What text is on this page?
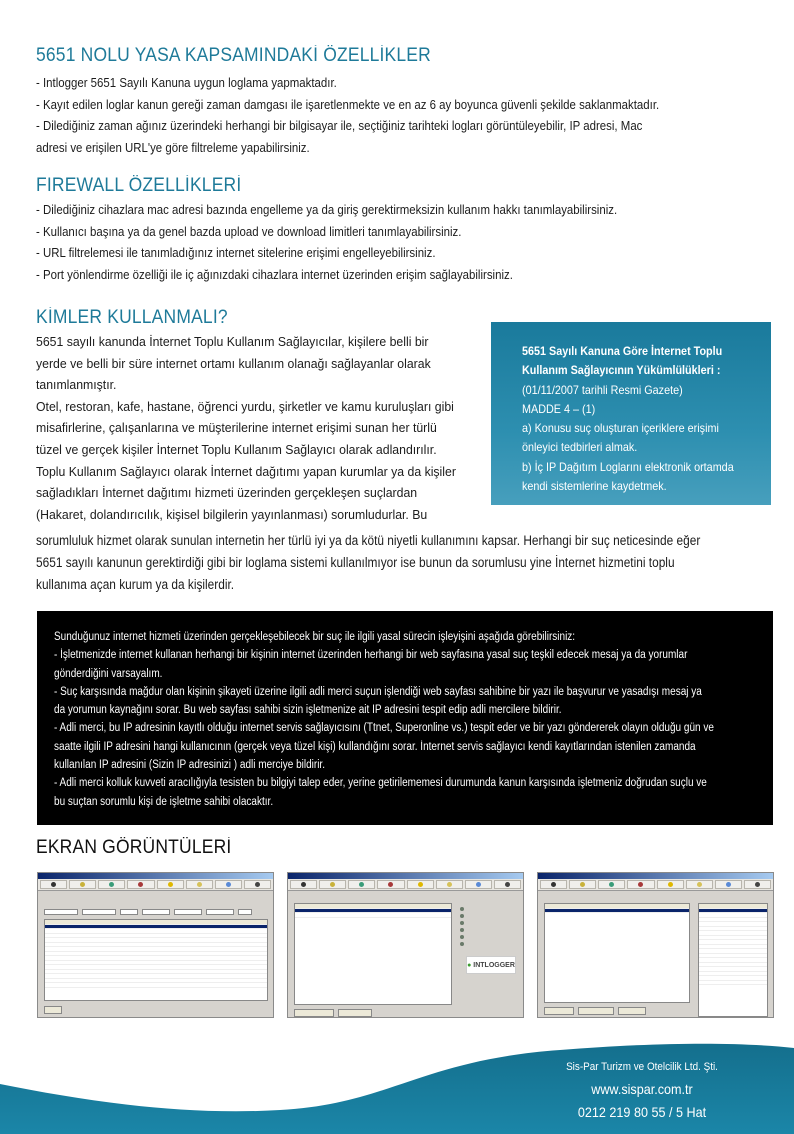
5651 NOLU YASA KAPSAMINDAKİ ÖZELLİKLER
- Intlogger 5651 Sayılı Kanuna uygun loglama yapmaktadır.
- Kayıt edilen loglar kanun gereği zaman damgası ile işaretlenmekte ve en az 6 ay boyunca güvenli şekilde saklanmaktadır.
- Dilediğiniz zaman ağınız üzerindeki herhangi bir bilgisayar ile, seçtiğiniz tarihteki logları görüntüleyebilir, IP adresi, Mac
adresi ve erişilen URL'ye göre filtreleme yapabilirsiniz.
FIREWALL ÖZELLİKLERİ
- Dilediğiniz cihazlara mac adresi bazında engelleme ya da giriş gerektirmeksizin kullanım hakkı tanımlayabilirsiniz.
- Kullanıcı başına ya da genel bazda upload ve download limitleri tanımlayabilirsiniz.
- URL filtrelemesi ile tanımladığınız internet sitelerine erişimi engelleyebilirsiniz.
- Port yönlendirme özelliği ile iç ağınızdaki cihazlara internet üzerinden erişim sağlayabilirsiniz.
KİMLER KULLANMALI?
5651 sayılı kanunda İnternet Toplu Kullanım Sağlayıcılar, kişilere belli bir
yerde ve belli bir süre internet ortamı kullanım olanağı sağlayanlar olarak
tanımlanmıştır.
Otel, restoran, kafe, hastane, öğrenci yurdu, şirketler ve kamu kuruluşları gibi
misafirlerine, çalışanlarına ve müşterilerine internet erişimi sunan her türlü
tüzel ve gerçek kişiler İnternet Toplu Kullanım Sağlayıcı olarak adlandırılır.
Toplu Kullanım Sağlayıcı olarak İnternet dağıtımı yapan kurumlar ya da kişiler
sağladıkları İnternet dağıtımı hizmeti üzerinden gerçekleşen suçlardan
(Hakaret, dolandırıcılık, kişisel bilgilerin yayınlanması) sorumludurlar. Bu
5651 Sayılı Kanuna Göre İnternet Toplu
Kullanım Sağlayıcının Yükümlülükleri :
(01/11/2007 tarihli Resmi Gazete)
MADDE 4 – (1)
a) Konusu suç oluşturan içeriklere erişimi
önleyici tedbirleri almak.
b) İç IP Dağıtım Loglarını elektronik ortamda
kendi sistemlerine kaydetmek.
sorumluluk hizmet olarak sunulan internetin her türlü iyi ya da kötü niyetli kullanımını kapsar. Herhangi bir suç neticesinde eğer
5651 sayılı kanunun gerektirdiği gibi bir loglama sistemi kullanılmıyor ise bunun da sorumlusu yine İnternet hizmetini toplu
kullanıma açan kurum ya da kişilerdir.
Sunduğunuz internet hizmeti üzerinden gerçekleşebilecek bir suç ile ilgili yasal sürecin işleyişini aşağıda görebilirsiniz:
- İşletmenizde internet kullanan herhangi bir kişinin internet üzerinden herhangi bir web sayfasına yasal suç teşkil edecek mesaj ya da yorumlar
gönderdiğini varsayalım.
- Suç karşısında mağdur olan kişinin şikayeti üzerine ilgili adli merci suçun işlendiği web sayfası sahibine bir yazı ile başvurur ve yasadışı mesaj ya
da yorumun kaynağını sorar. Bu web sayfası sahibi sizin işletmenize ait IP adresini tespit edip adli mercilere bildirir.
- Adli merci, bu IP adresinin kayıtlı olduğu internet servis sağlayıcısını (Ttnet, Superonline vs.) tespit eder ve bir yazı göndererek olayın olduğu gün ve
saatte ilgili IP adresini hangi kullanıcının (gerçek veya tüzel kişi) kullandığını sorar. İnternet servis sağlayıcı kendi kayıtlarından istenilen zamanda
kullanılan IP adresini (Sizin IP adresinizi ) adli merciye bildirir.
- Adli merci kolluk kuvveti aracılığıyla tesisten bu bilgiyi talep eder, yerine getirilememesi durumunda kanun karşısında işletmeniz doğrudan suçlu ve
bu suçtan sorumlu kişi de işletme sahibi olacaktır.
EKRAN GÖRÜNTÜLERİ
●
INTLOGGER
Sis-Par Turizm ve Otelcilik Ltd. Şti.
www.sispar.com.tr
0212 219 80 55 / 5 Hat
